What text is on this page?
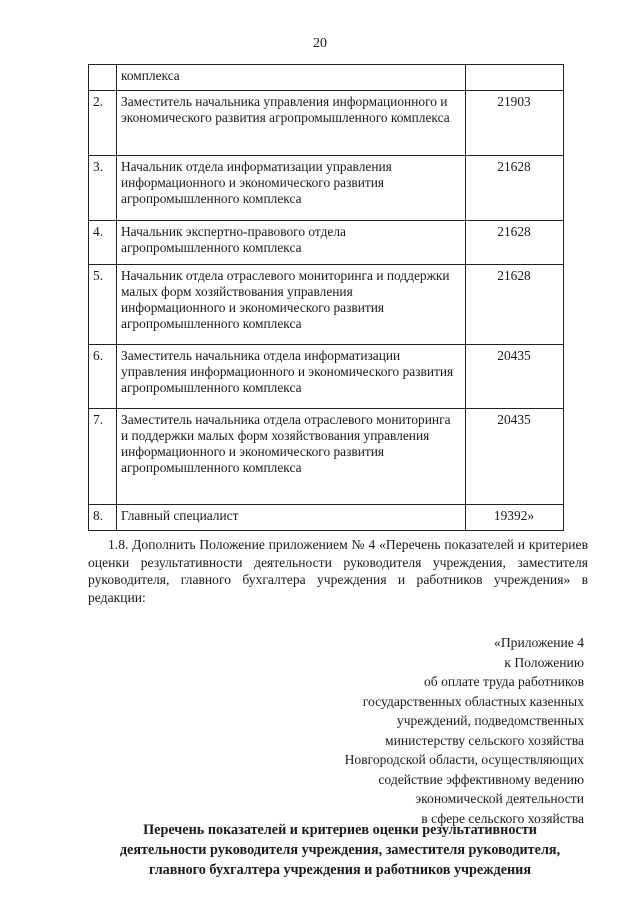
20
	комплекса	
2.	Заместитель начальника управления информационного и экономического развития агропромышленного комплекса	21903
3.	Начальник отдела информатизации управления информационного и экономического развития агропромышленного комплекса	21628
4.	Начальник экспертно-правового отдела агропромышленного комплекса	21628
5.	Начальник отдела отраслевого мониторинга и поддержки малых форм хозяйствования управления информационного и экономического развития агропромышленного комплекса	21628
6.	Заместитель начальника отдела информатизации управления информационного и экономического развития агропромышленного комплекса	20435
7.	Заместитель начальника отдела отраслевого мониторинга и поддержки малых форм хозяйствования управления информационного и экономического развития агропромышленного комплекса	20435
8.	Главный специалист	19392»
1.8. Дополнить Положение приложением № 4 «Перечень показателей и критериев оценки результативности деятельности руководителя учреждения, заместителя руководителя, главного бухгалтера учреждения и работников учреждения» в редакции:
«Приложение 4
к Положению
об оплате труда работников
государственных областных казенных
учреждений, подведомственных
министерству сельского хозяйства
Новгородской области, осуществляющих
содействие эффективному ведению
экономической деятельности
в сфере сельского хозяйства
Перечень показателей и критериев оценки результативности
деятельности руководителя учреждения, заместителя руководителя,
главного бухгалтера учреждения и работников учреждения
